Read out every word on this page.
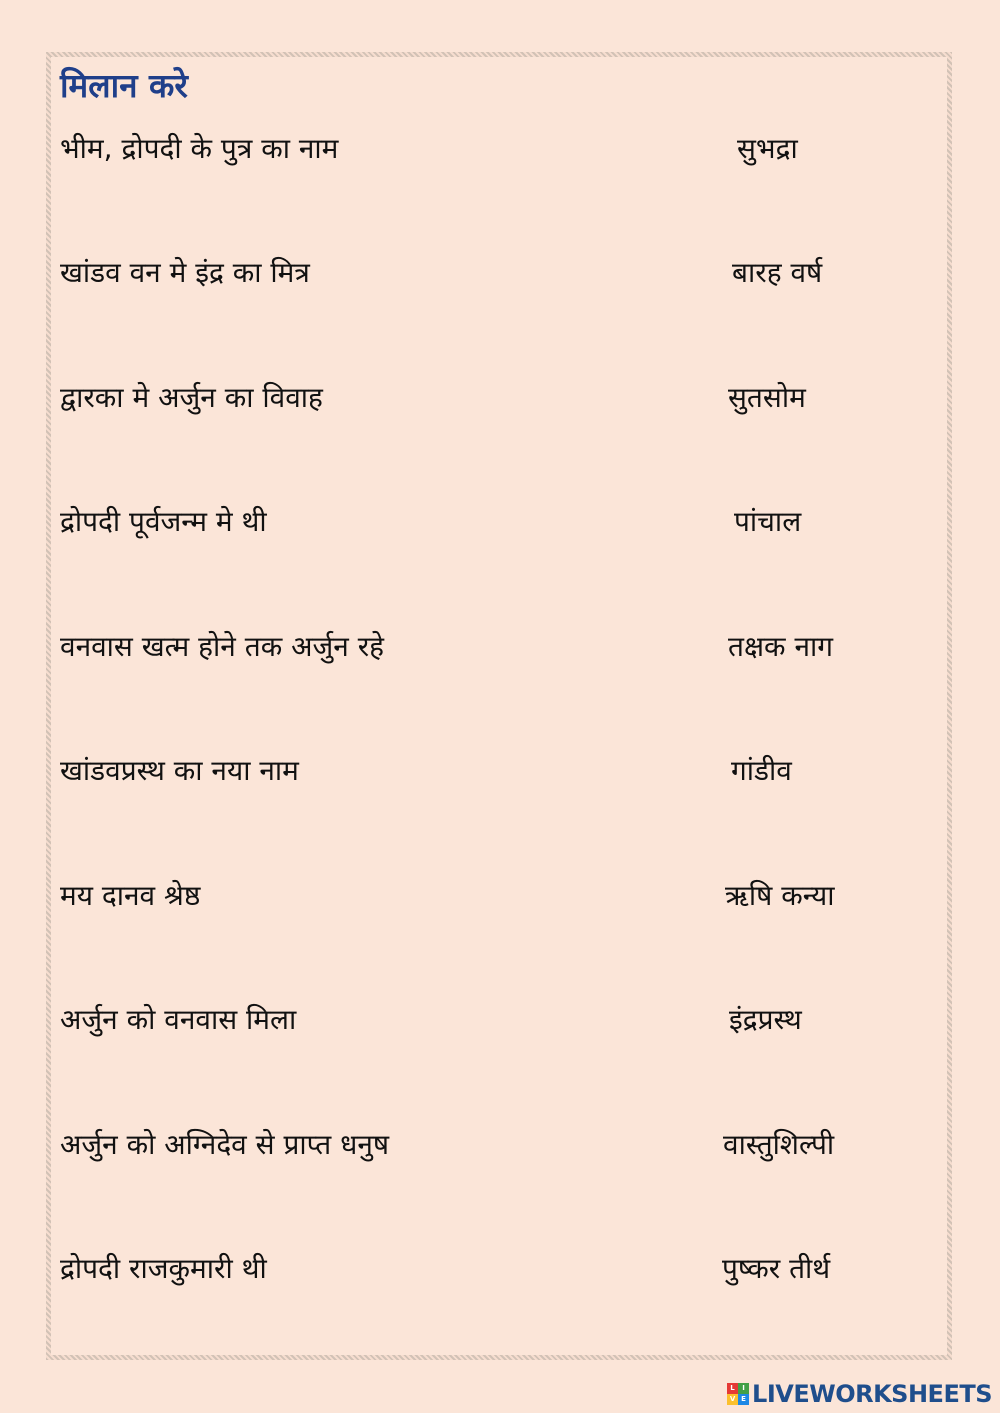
मिलान करे
भीम, द्रोपदी के पुत्र का नाम	सुभद्रा
खांडव वन मे इंद्र का मित्र	बारह वर्ष
द्वारका मे अर्जुन का विवाह	सुतसोम
द्रोपदी पूर्वजन्म मे थी	पांचाल
वनवास खत्म होने तक अर्जुन रहे	तक्षक नाग
खांडवप्रस्थ का नया नाम	गांडीव
मय दानव श्रेष्ठ	ऋषि कन्या
अर्जुन को वनवास मिला	इंद्रप्रस्थ
अर्जुन को अग्निदेव से प्राप्त धनुष	वास्तुशिल्पी
द्रोपदी राजकुमारी थी	पुष्कर तीर्थ
L	I
V E LIVEWORKSHEETS
